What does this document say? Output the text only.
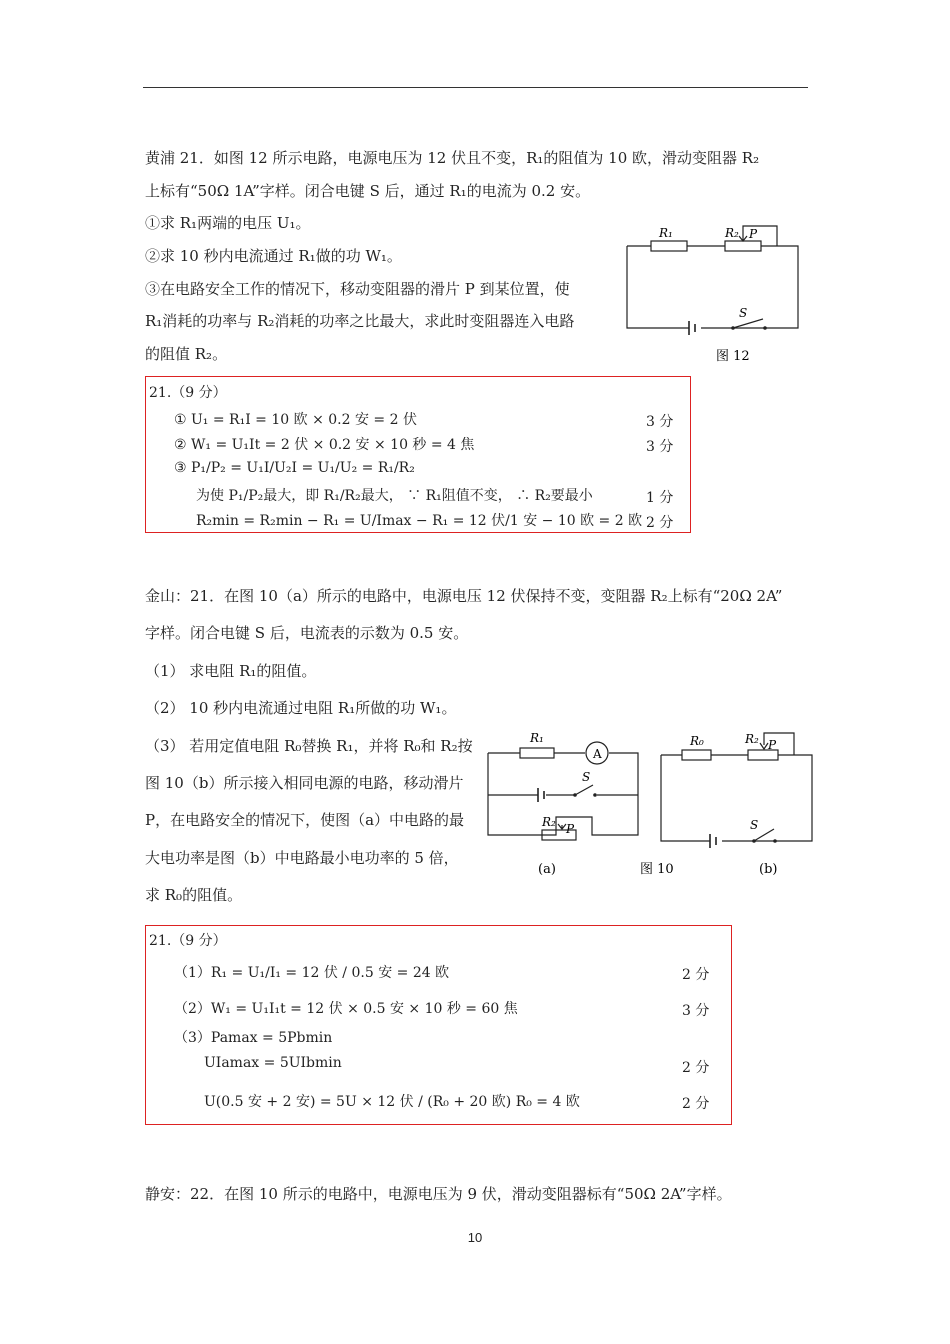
黄浦 21．如图 12 所示电路，电源电压为 12 伏且不变，R₁的阻值为 10 欧，滑动变阻器 R₂
上标有“50Ω 1A”字样。闭合电键 S 后，通过 R₁的电流为 0.2 安。
①求 R₁两端的电压 U₁。
②求 10 秒内电流通过 R₁做的功 W₁。
③在电路安全工作的情况下，移动变阻器的滑片 P 到某位置，使
R₁消耗的功率与 R₂消耗的功率之比最大，求此时变阻器连入电路
的阻值 R₂。
R₁	R₂ P
S
图 12
21.（9 分）
① U₁ = R₁I = 10 欧 × 0.2 安 = 2 伏	3 分
② W₁ = U₁It = 2 伏 × 0.2 安 × 10 秒 = 4 焦	3 分
③ P₁/P₂ = U₁I/U₂I = U₁/U₂ = R₁/R₂
为使 P₁/P₂最大，即 R₁/R₂最大， ∵ R₁阻值不变， ∴ R₂要最小	1 分
R₂min = R₂min − R₁ = U/Imax − R₁ = 12 伏/1 安 − 10 欧 = 2 欧 2 分
金山：21．在图 10（a）所示的电路中，电源电压 12 伏保持不变，变阻器 R₂上标有“20Ω 2A”
字样。闭合电键 S 后，电流表的示数为 0.5 安。
（1） 求电阻 R₁的阻值。
（2） 10 秒内电流通过电阻 R₁所做的功 W₁。
（3） 若用定值电阻 R₀替换 R₁，并将 R₀和 R₂按
图 10（b）所示接入相同电源的电路，移动滑片
P，在电路安全的情况下，使图（a）中电路的最
大电功率是图（b）中电路最小电功率的 5 倍，
求 R₀的阻值。
R₁
A
S
R₂ P
R₀	R₂ P
S
(a)	图 10	(b)
21.（9 分）
（1）R₁ = U₁/I₁ = 12 伏 / 0.5 安 = 24 欧	2 分
（2）W₁ = U₁I₁t = 12 伏 × 0.5 安 × 10 秒 = 60 焦	3 分
（3）Pamax = 5Pbmin
UIamax = 5UIbmin	2 分
U(0.5 安 + 2 安) = 5U × 12 伏 / (R₀ + 20 欧) R₀ = 4 欧	2 分
静安：22．在图 10 所示的电路中，电源电压为 9 伏，滑动变阻器标有“50Ω 2A”字样。
10
